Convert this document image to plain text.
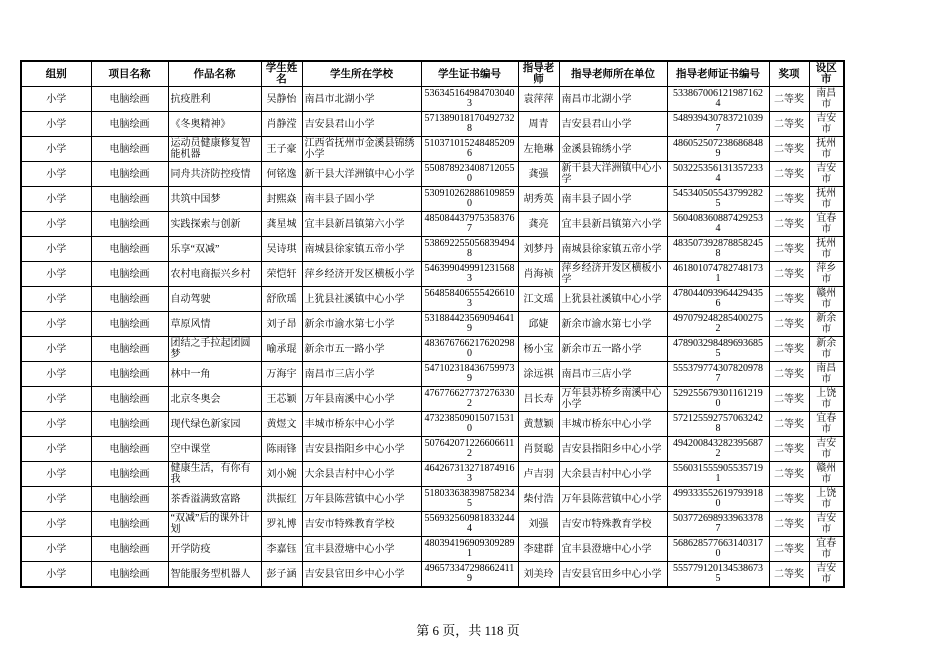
组别	项目名称	作品名称	学生姓名	学生所在学校	学生证书编号	指导老师	指导老师所在单位	指导老师证书编号	奖项	设区市
小学	电脑绘画	抗疫胜利	吴静怡	南昌市北湖小学	5363451649847030403	袁萍萍	南昌市北湖小学	5338670061219871624	二等奖	南昌市
小学	电脑绘画	《冬奥精神》	肖静滢	吉安县君山小学	5713890181704927328	周青	吉安县君山小学	5489394307837210397	二等奖	吉安市
小学	电脑绘画	运动员健康修复智能机器	王子豪	江西省抚州市金溪县锦绣小学	5103710152484852096	左艳琳	金溪县锦绣小学	4860525072386868489	二等奖	抚州市
小学	电脑绘画	同舟共济防控疫情	何铭逸	新干县大洋洲镇中心小学	5508789234087120550	龚强	新干县大洋洲镇中心小学	5032253561313572334	二等奖	吉安市
小学	电脑绘画	共筑中国梦	封熙焱	南丰县子固小学	5309102628861098590	胡秀英	南丰县子固小学	5453405055437992825	二等奖	抚州市
小学	电脑绘画	实践探索与创新	龚星城	宜丰县新昌镇第六小学	4850844379753583767	龚亮	宜丰县新昌镇第六小学	5604083608874292534	二等奖	宜春市
小学	电脑绘画	乐享“双减”	吴诗琪	南城县徐家镇五帝小学	5386922550568394948	刘梦丹	南城县徐家镇五帝小学	4835073928788582458	二等奖	抚州市
小学	电脑绘画	农村电商振兴乡村	荣恺轩	萍乡经济开发区横板小学	5463990499912315683	肖海祯	萍乡经济开发区横板小学	4618010747827481731	二等奖	萍乡市
小学	电脑绘画	自动驾驶	舒欣瑶	上犹县社溪镇中心小学	5648584065554266103	江文瑶	上犹县社溪镇中心小学	4780440939644294356	二等奖	赣州市
小学	电脑绘画	草原风情	刘子昂	新余市渝水第七小学	5318844235690946419	邱婕	新余市渝水第七小学	4970792482854002752	二等奖	新余市
小学	电脑绘画	团结之手拉起团圆梦	喻承琨	新余市五一路小学	4836767662176202980	杨小宝	新余市五一路小学	4789032984896936855	二等奖	新余市
小学	电脑绘画	林中一角	万海宇	南昌市三店小学	5471023184367599739	涂远祺	南昌市三店小学	5553797743078209787	二等奖	南昌市
小学	电脑绘画	北京冬奥会	王芯颖	万年县南溪中心小学	4767766277372763302	吕长寿	万年县苏桥乡南溪中心小学	5292556793011612190	二等奖	上饶市
小学	电脑绘画	现代绿色新家园	黄煜文	丰城市桥东中心小学	4732385090150715310	黄慧颖	丰城市桥东中心小学	5721255927570632428	二等奖	宜春市
小学	电脑绘画	空中课堂	陈雨锋	吉安县指阳乡中心小学	5076420712266066112	肖贤聪	吉安县指阳乡中心小学	4942008432823956872	二等奖	吉安市
小学	电脑绘画	健康生活，有你有我	刘小婉	大余县吉村中心小学	4642673132718749163	卢吉羽	大余县吉村中心小学	5560315559055357191	二等奖	赣州市
小学	电脑绘画	茶香溢满致富路	洪振红	万年县陈营镇中心小学	5180336383987582345	柴付浩	万年县陈营镇中心小学	4993335526197939180	二等奖	上饶市
小学	电脑绘画	“双减”后的课外计划	罗礼博	吉安市特殊教育学校	5569325609818332444	刘强	吉安市特殊教育学校	5037726989339633787	二等奖	吉安市
小学	电脑绘画	开学防疫	李嘉钰	宜丰县澄塘中心小学	4803941969093092891	李建群	宜丰县澄塘中心小学	5686285776631403170	二等奖	宜春市
小学	电脑绘画	智能服务型机器人	彭子涵	吉安县官田乡中心小学	4965733472986624119	刘美玲	吉安县官田乡中心小学	5557791201345386735	二等奖	吉安市
第 6 页，共 118 页
